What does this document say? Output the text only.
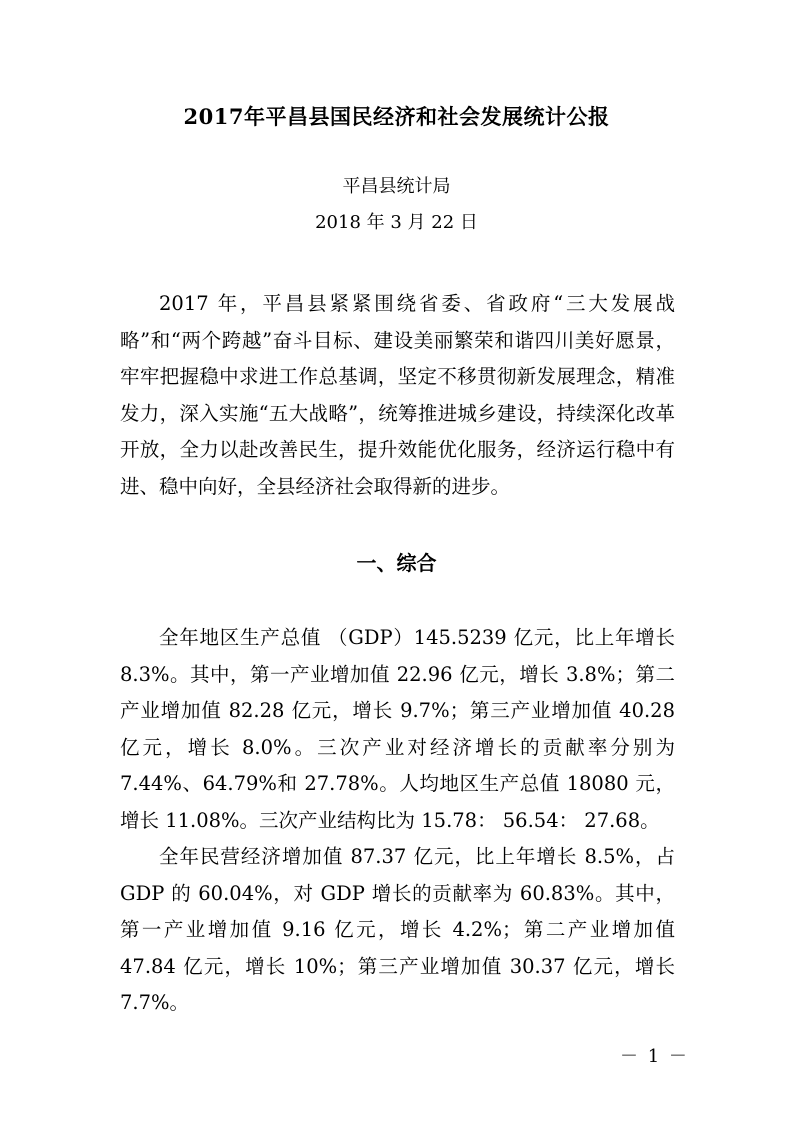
2017年平昌县国民经济和社会发展统计公报
平昌县统计局
2018 年 3 月 22 日

2017 年，平昌县紧紧围绕省委、省政府“三大发展战略”和“两个跨越”奋斗目标、建设美丽繁荣和谐四川美好愿景，牢牢把握稳中求进工作总基调，坚定不移贯彻新发展理念，精准发力，深入实施“五大战略”，统筹推进城乡建设，持续深化改革开放，全力以赴改善民生，提升效能优化服务，经济运行稳中有进、稳中向好，全县经济社会取得新的进步。

一、综合

全年地区生产总值 （GDP）145.5239 亿元，比上年增长 8.3%。其中，第一产业增加值 22.96 亿元，增长 3.8%；第二产业增加值 82.28 亿元，增长 9.7%；第三产业增加值 40.28 亿元，增长 8.0%。三次产业对经济增长的贡献率分别为 7.44%、64.79%和 27.78%。人均地区生产总值 18080 元，增长 11.08%。三次产业结构比为 15.78： 56.54： 27.68。

全年民营经济增加值 87.37 亿元，比上年增长 8.5%，占 GDP 的 60.04%，对 GDP 增长的贡献率为 60.83%。其中，第一产业增加值 9.16 亿元，增长 4.2%；第二产业增加值 47.84 亿元，增长 10%；第三产业增加值 30.37 亿元，增长 7.7%。

－ 1 －
